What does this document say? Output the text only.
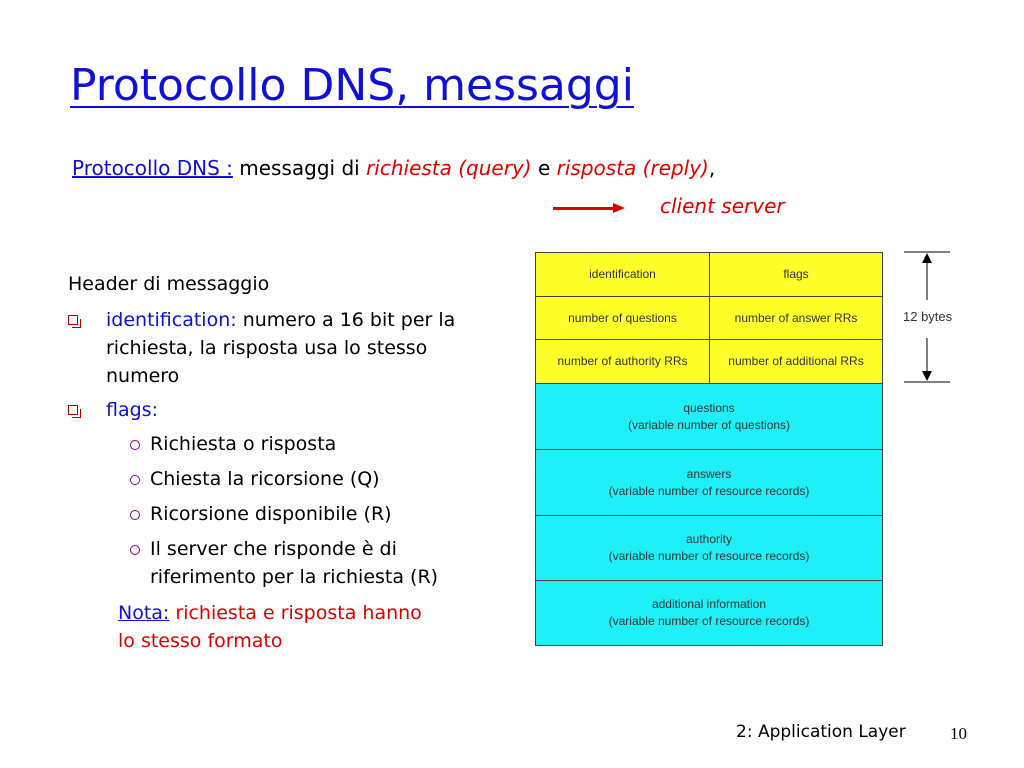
Protocollo DNS, messaggi
Protocollo DNS : messaggi di richiesta (query) e risposta (reply),
client server
Header di messaggio
identification: numero a 16 bit per la richiesta, la risposta usa lo stesso numero
flags:
Richiesta o risposta
Chiesta la ricorsione (Q)
Ricorsione disponibile (R)
Il server che risponde è di riferimento per la richiesta (R)
Nota: richiesta e risposta hanno lo stesso formato
identification	flags
number of questions	number of answer RRs
number of authority RRs	number of additional RRs
questions
(variable number of questions)
answers
(variable number of resource records)
authority
(variable number of resource records)
additional information
(variable number of resource records)
12 bytes
2: Application Layer	10
